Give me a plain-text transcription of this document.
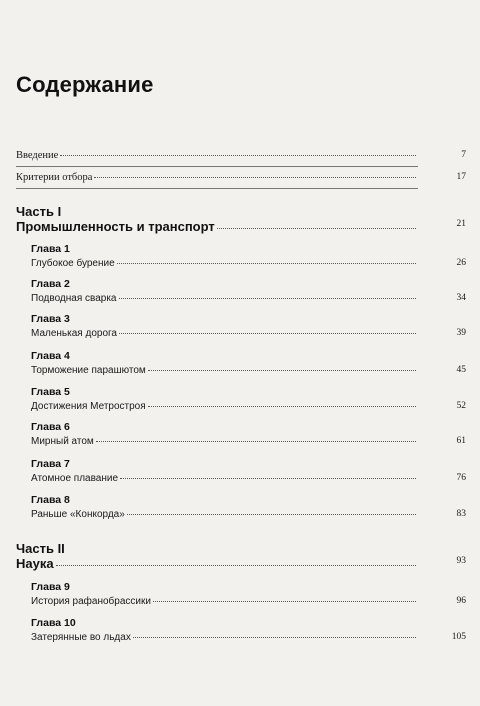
Содержание
Введение	7
Критерии отбора	17
Часть I
Промышленность и транспорт	21
Глава 1
Глубокое бурение	26
Глава 2
Подводная сварка	34
Глава 3
Маленькая дорога	39
Глава 4
Торможение парашютом	45
Глава 5
Достижения Метростроя	52
Глава 6
Мирный атом	61
Глава 7
Атомное плавание	76
Глава 8
Раньше «Конкорда»	83
Часть II
Наука	93
Глава 9
История рафанобрассики	96
Глава 10
Затерянные во льдах	105
